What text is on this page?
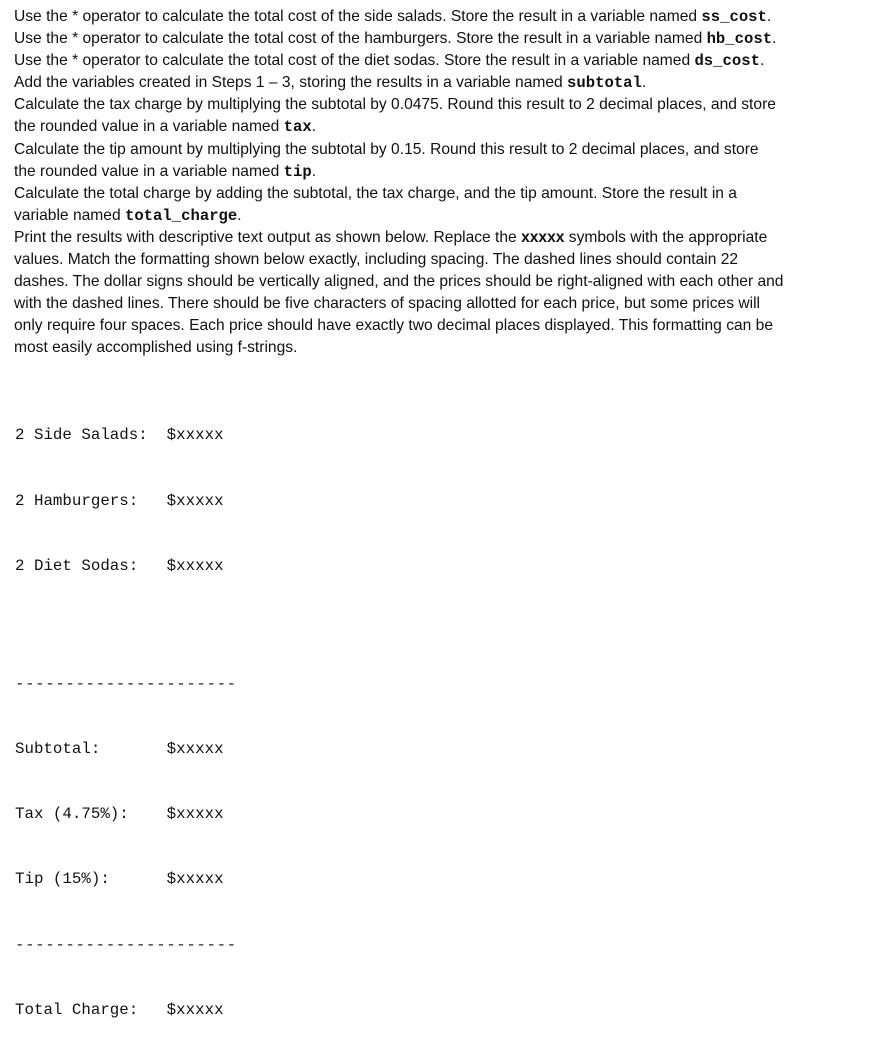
Use the * operator to calculate the total cost of the side salads. Store the result in a variable named ss_cost.
Use the * operator to calculate the total cost of the hamburgers. Store the result in a variable named hb_cost.
Use the * operator to calculate the total cost of the diet sodas. Store the result in a variable named ds_cost.
Add the variables created in Steps 1 – 3, storing the results in a variable named subtotal.
Calculate the tax charge by multiplying the subtotal by 0.0475. Round this result to 2 decimal places, and store
the rounded value in a variable named tax.
Calculate the tip amount by multiplying the subtotal by 0.15. Round this result to 2 decimal places, and store
the rounded value in a variable named tip.
Calculate the total charge by adding the subtotal, the tax charge, and the tip amount. Store the result in a
variable named total_charge.
Print the results with descriptive text output as shown below. Replace the xxxxx symbols with the appropriate
values. Match the formatting shown below exactly, including spacing. The dashed lines should contain 22
dashes. The dollar signs should be vertically aligned, and the prices should be right-aligned with each other and
with the dashed lines. There should be five characters of spacing allotted for each price, but some prices will
only require four spaces. Each price should have exactly two decimal places displayed. This formatting can be
most easily accomplished using f-strings.

2 Side Salads:  $xxxxx

2 Hamburgers:   $xxxxx

2 Diet Sodas:   $xxxxx

----------------------

Subtotal:       $xxxxx

Tax (4.75%):    $xxxxx

Tip (15%):      $xxxxx

----------------------

Total Charge:   $xxxxx
